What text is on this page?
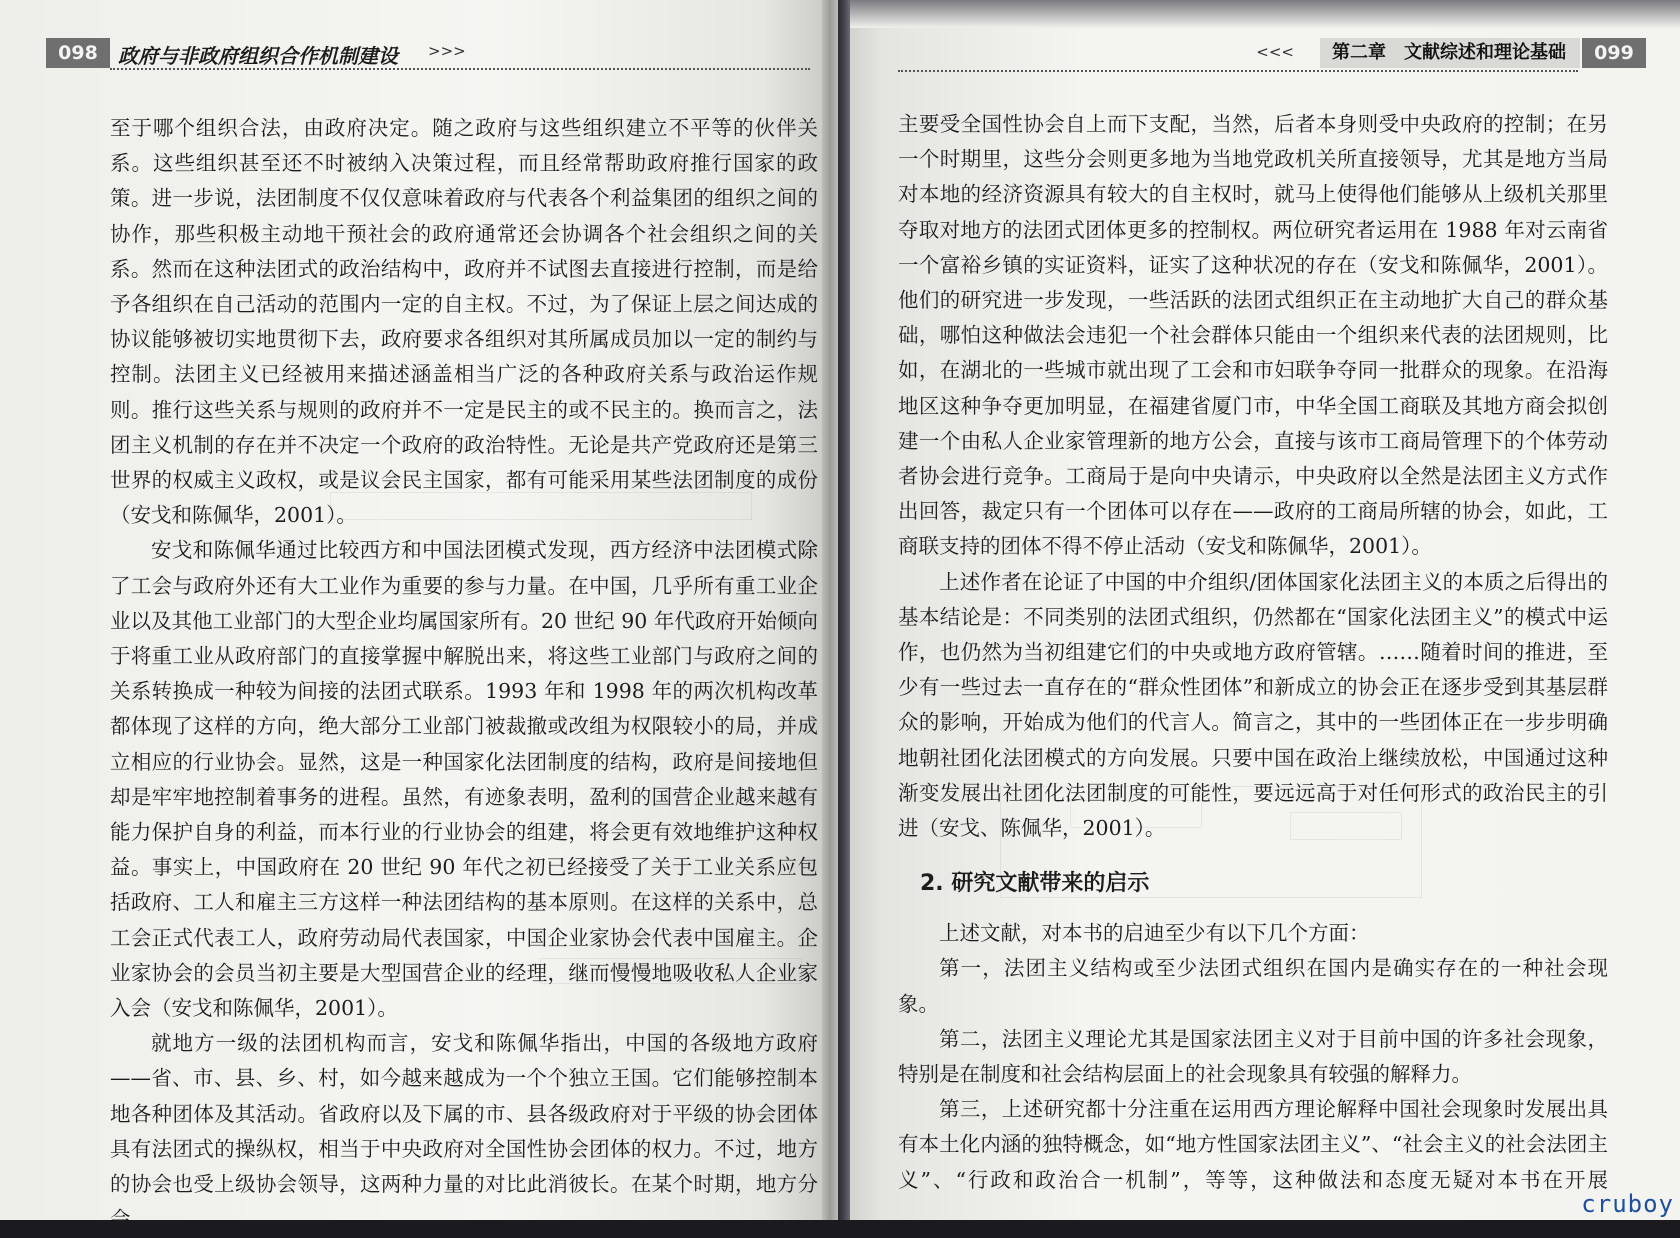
098	政府与非政府组织合作机制建设 >>>

至于哪个组织合法，由政府决定。随之政府与这些组织建立不平等的伙伴关系。这些组织甚至还不时被纳入决策过程，而且经常帮助政府推行国家的政策。进一步说，法团制度不仅仅意味着政府与代表各个利益集团的组织之间的协作，那些积极主动地干预社会的政府通常还会协调各个社会组织之间的关系。然而在这种法团式的政治结构中，政府并不试图去直接进行控制，而是给予各组织在自己活动的范围内一定的自主权。不过，为了保证上层之间达成的协议能够被切实地贯彻下去，政府要求各组织对其所属成员加以一定的制约与控制。法团主义已经被用来描述涵盖相当广泛的各种政府关系与政治运作规则。推行这些关系与规则的政府并不一定是民主的或不民主的。换而言之，法团主义机制的存在并不决定一个政府的政治特性。无论是共产党政府还是第三世界的权威主义政权，或是议会民主国家，都有可能采用某些法团制度的成份（安戈和陈佩华，2001）。

安戈和陈佩华通过比较西方和中国法团模式发现，西方经济中法团模式除了工会与政府外还有大工业作为重要的参与力量。在中国，几乎所有重工业企业以及其他工业部门的大型企业均属国家所有。20 世纪 90 年代政府开始倾向于将重工业从政府部门的直接掌握中解脱出来，将这些工业部门与政府之间的关系转换成一种较为间接的法团式联系。1993 年和 1998 年的两次机构改革都体现了这样的方向，绝大部分工业部门被裁撤或改组为权限较小的局，并成立相应的行业协会。显然，这是一种国家化法团制度的结构，政府是间接地但却是牢牢地控制着事务的进程。虽然，有迹象表明，盈利的国营企业越来越有能力保护自身的利益，而本行业的行业协会的组建，将会更有效地维护这种权益。事实上，中国政府在 20 世纪 90 年代之初已经接受了关于工业关系应包括政府、工人和雇主三方这样一种法团结构的基本原则。在这样的关系中，总工会正式代表工人，政府劳动局代表国家，中国企业家协会代表中国雇主。企业家协会的会员当初主要是大型国营企业的经理，继而慢慢地吸收私人企业家入会（安戈和陈佩华，2001）。

就地方一级的法团机构而言，安戈和陈佩华指出，中国的各级地方政府——省、市、县、乡、村，如今越来越成为一个个独立王国。它们能够控制本地各种团体及其活动。省政府以及下属的市、县各级政府对于平级的协会团体具有法团式的操纵权，相当于中央政府对全国性协会团体的权力。不过，地方的协会也受上级协会领导，这两种力量的对比此消彼长。在某个时期，地方分会

<<<	第二章　文献综述和理论基础	099

主要受全国性协会自上而下支配，当然，后者本身则受中央政府的控制；在另一个时期里，这些分会则更多地为当地党政机关所直接领导，尤其是地方当局对本地的经济资源具有较大的自主权时，就马上使得他们能够从上级机关那里夺取对地方的法团式团体更多的控制权。两位研究者运用在 1988 年对云南省一个富裕乡镇的实证资料，证实了这种状况的存在（安戈和陈佩华，2001）。他们的研究进一步发现，一些活跃的法团式组织正在主动地扩大自己的群众基础，哪怕这种做法会违犯一个社会群体只能由一个组织来代表的法团规则，比如，在湖北的一些城市就出现了工会和市妇联争夺同一批群众的现象。在沿海地区这种争夺更加明显，在福建省厦门市，中华全国工商联及其地方商会拟创建一个由私人企业家管理新的地方公会，直接与该市工商局管理下的个体劳动者协会进行竞争。工商局于是向中央请示，中央政府以全然是法团主义方式作出回答，裁定只有一个团体可以存在——政府的工商局所辖的协会，如此，工商联支持的团体不得不停止活动（安戈和陈佩华，2001）。

上述作者在论证了中国的中介组织/团体国家化法团主义的本质之后得出的基本结论是：不同类别的法团式组织，仍然都在“国家化法团主义”的模式中运作，也仍然为当初组建它们的中央或地方政府管辖。……随着时间的推进，至少有一些过去一直存在的“群众性团体”和新成立的协会正在逐步受到其基层群众的影响，开始成为他们的代言人。简言之，其中的一些团体正在一步步明确地朝社团化法团模式的方向发展。只要中国在政治上继续放松，中国通过这种渐变发展出社团化法团制度的可能性，要远远高于对任何形式的政治民主的引进（安戈、陈佩华，2001）。

2. 研究文献带来的启示

上述文献，对本书的启迪至少有以下几个方面：

第一，法团主义结构或至少法团式组织在国内是确实存在的一种社会现象。

第二，法团主义理论尤其是国家法团主义对于目前中国的许多社会现象，特别是在制度和社会结构层面上的社会现象具有较强的解释力。

第三，上述研究都十分注重在运用西方理论解释中国社会现象时发展出具有本土化内涵的独特概念，如“地方性国家法团主义”、“社会主义的社会法团主义”、“行政和政治合一机制”，等等，这种做法和态度无疑对本书在开展

cruboy
